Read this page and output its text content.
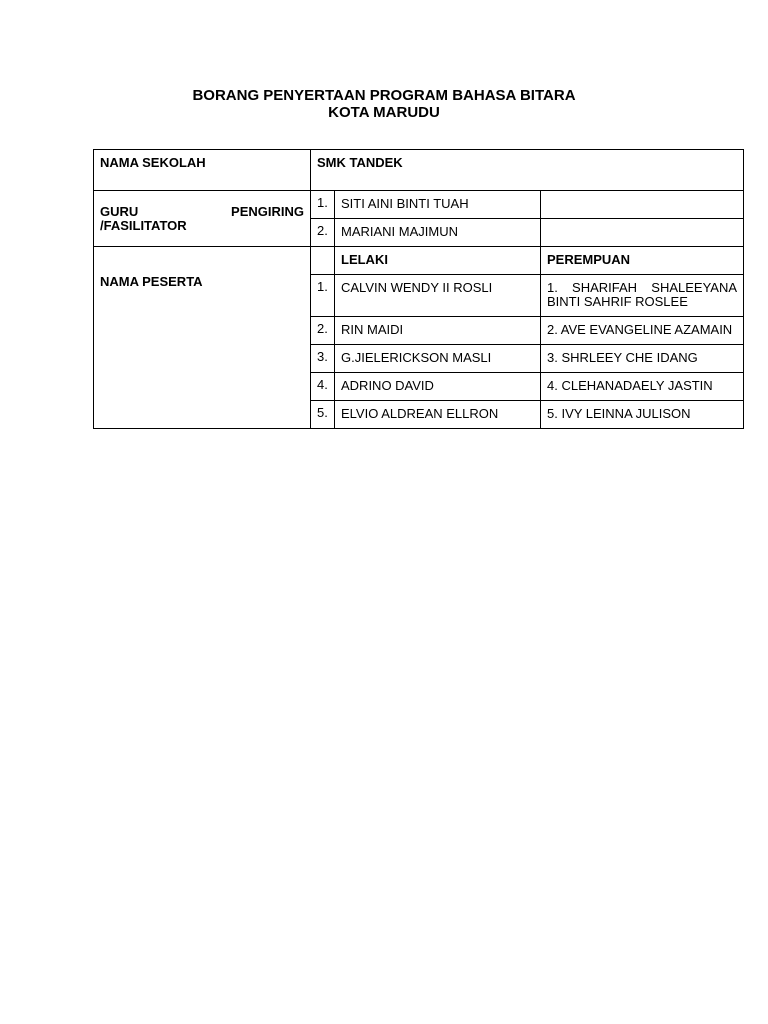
BORANG PENYERTAAN PROGRAM BAHASA BITARA
KOTA MARUDU
NAMA SEKOLAH	SMK TANDEK		

GURU PENGIRING
/FASILITATOR	1.	SITI AINI BINTI TUAH	
	2.	MARIANI MAJIMUN	
NAMA PESERTA		LELAKI	PEREMPUAN
	1.	CALVIN WENDY II ROSLI	1.  SHARIFAH  SHALEEYANA
BINTI SAHRIF ROSLEE

	2.	RIN MAIDI	2. AVE EVANGELINE AZAMAIN
	3.	G.JIELERICKSON MASLI	3. SHRLEEY CHE IDANG
	4.	ADRINO DAVID	4. CLEHANADAELY JASTIN
	5.	ELVIO ALDREAN ELLRON	5. IVY LEINNA JULISON
